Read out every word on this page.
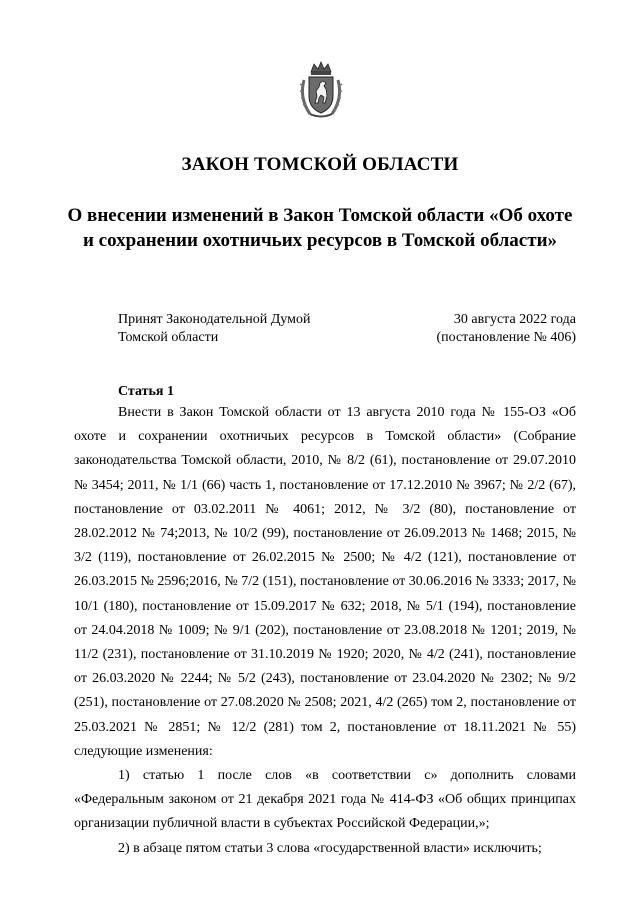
ЗАКОН ТОМСКОЙ ОБЛАСТИ
О внесении изменений в Закон Томской области «Об охоте и сохранении охотничьих ресурсов в Томской области»
Принят Законодательной Думой
Томской области
30 августа 2022 года
(постановление № 406)
Статья 1

Внести в Закон Томской области от 13 августа 2010 года № 155-ОЗ «Об охоте и сохранении охотничьих ресурсов в Томской области» (Собрание законодательства Томской области, 2010, № 8/2 (61), постановление от 29.07.2010 № 3454; 2011, № 1/1 (66) часть 1, постановление от 17.12.2010 № 3967; № 2/2 (67), постановление от 03.02.2011 № 4061; 2012, № 3/2 (80), постановление от 28.02.2012 № 74;2013, № 10/2 (99), постановление от 26.09.2013 № 1468; 2015, № 3/2 (119), постановление от 26.02.2015 № 2500; № 4/2 (121), постановление от 26.03.2015 № 2596;2016, № 7/2 (151), постановление от 30.06.2016 № 3333; 2017, № 10/1 (180), постановление от 15.09.2017 № 632; 2018, № 5/1 (194), постановление от 24.04.2018 № 1009; № 9/1 (202), постановление от 23.08.2018 № 1201; 2019, № 11/2 (231), постановление от 31.10.2019 № 1920; 2020, № 4/2 (241), постановление от 26.03.2020 № 2244; № 5/2 (243), постановление от 23.04.2020 № 2302; № 9/2 (251), постановление от 27.08.2020 № 2508; 2021, 4/2 (265) том 2, постановление от 25.03.2021 № 2851; № 12/2 (281) том 2, постановление от 18.11.2021 № 55) следующие изменения:

1) статью 1 после слов «в соответствии с» дополнить словами «Федеральным законом от 21 декабря 2021 года № 414-ФЗ «Об общих принципах организации публичной власти в субъектах Российской Федерации,»;

2) в абзаце пятом статьи 3 слова «государственной власти» исключить;
